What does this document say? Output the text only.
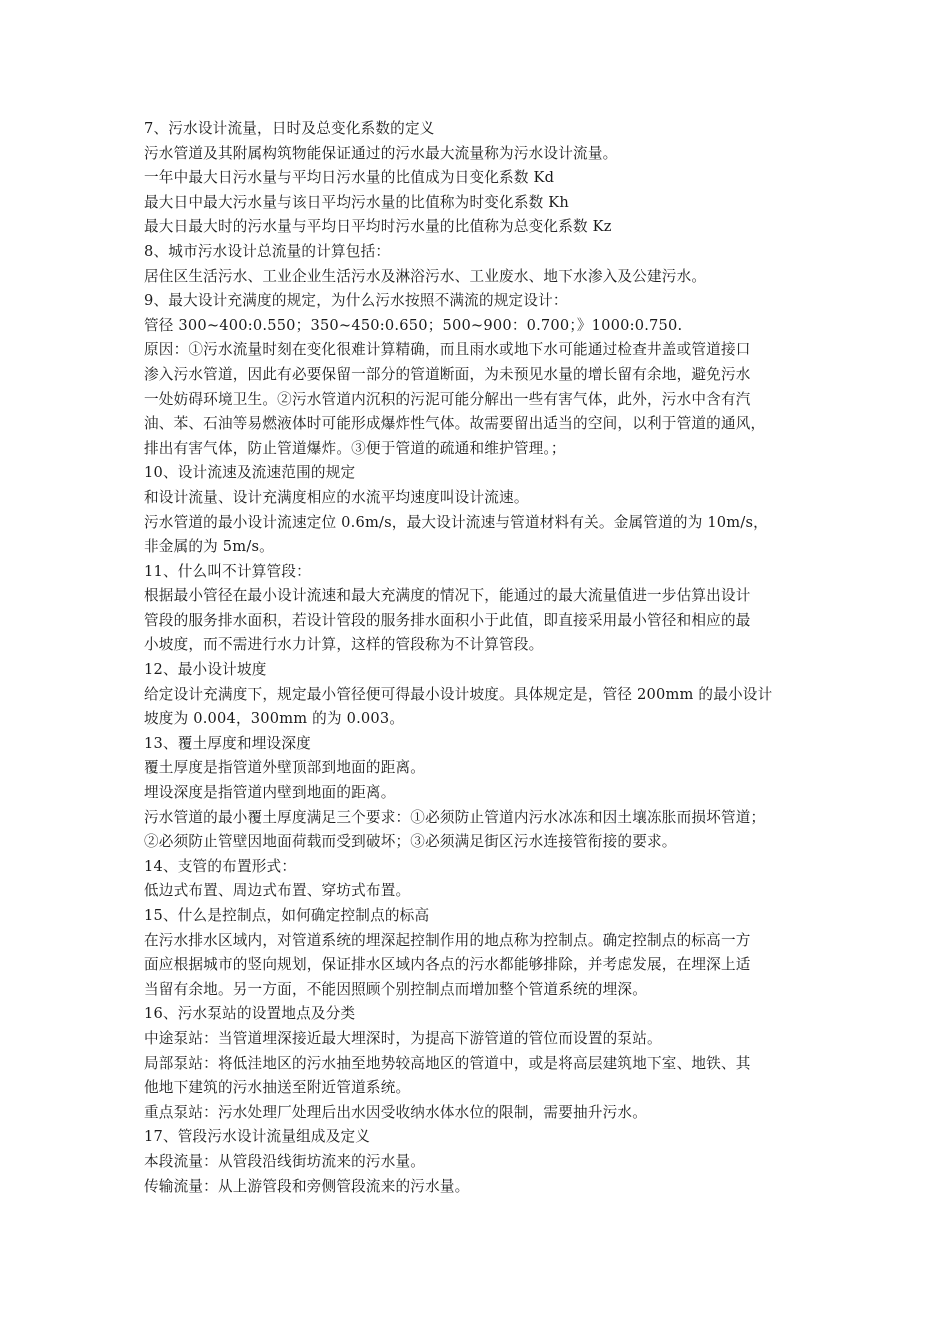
7、污水设计流量，日时及总变化系数的定义
污水管道及其附属构筑物能保证通过的污水最大流量称为污水设计流量。
一年中最大日污水量与平均日污水量的比值成为日变化系数 Kd
最大日中最大污水量与该日平均污水量的比值称为时变化系数 Kh
最大日最大时的污水量与平均日平均时污水量的比值称为总变化系数 Kz
8、城市污水设计总流量的计算包括：
居住区生活污水、工业企业生活污水及淋浴污水、工业废水、地下水渗入及公建污水。
9、最大设计充满度的规定，为什么污水按照不满流的规定设计：
管径 300~400:0.550；350~450:0.650；500~900：0.700；》1000:0.750.
原因：①污水流量时刻在变化很难计算精确，而且雨水或地下水可能通过检查井盖或管道接口
渗入污水管道，因此有必要保留一部分的管道断面，为未预见水量的增长留有余地，避免污水
一处妨碍环境卫生。②污水管道内沉积的污泥可能分解出一些有害气体，此外，污水中含有汽
油、苯、石油等易燃液体时可能形成爆炸性气体。故需要留出适当的空间，以利于管道的通风，
排出有害气体，防止管道爆炸。③便于管道的疏通和维护管理。；
10、设计流速及流速范围的规定
和设计流量、设计充满度相应的水流平均速度叫设计流速。
污水管道的最小设计流速定位 0.6m/s，最大设计流速与管道材料有关。金属管道的为 10m/s，
非金属的为 5m/s。
11、什么叫不计算管段：
根据最小管径在最小设计流速和最大充满度的情况下，能通过的最大流量值进一步估算出设计
管段的服务排水面积，若设计管段的服务排水面积小于此值，即直接采用最小管径和相应的最
小坡度，而不需进行水力计算，这样的管段称为不计算管段。
12、最小设计坡度
给定设计充满度下，规定最小管径便可得最小设计坡度。具体规定是，管径 200mm 的最小设计
坡度为 0.004，300mm 的为 0.003。
13、覆土厚度和埋设深度
覆土厚度是指管道外壁顶部到地面的距离。
埋设深度是指管道内壁到地面的距离。
污水管道的最小覆土厚度满足三个要求：①必须防止管道内污水冰冻和因土壤冻胀而损坏管道；
②必须防止管壁因地面荷载而受到破坏；③必须满足街区污水连接管衔接的要求。
14、支管的布置形式：
低边式布置、周边式布置、穿坊式布置。
15、什么是控制点，如何确定控制点的标高
在污水排水区域内，对管道系统的埋深起控制作用的地点称为控制点。确定控制点的标高一方
面应根据城市的竖向规划，保证排水区域内各点的污水都能够排除，并考虑发展，在埋深上适
当留有余地。另一方面，不能因照顾个别控制点而增加整个管道系统的埋深。
16、污水泵站的设置地点及分类
中途泵站：当管道埋深接近最大埋深时，为提高下游管道的管位而设置的泵站。
局部泵站：将低洼地区的污水抽至地势较高地区的管道中，或是将高层建筑地下室、地铁、其
他地下建筑的污水抽送至附近管道系统。
重点泵站：污水处理厂处理后出水因受收纳水体水位的限制，需要抽升污水。
17、管段污水设计流量组成及定义
本段流量：从管段沿线街坊流来的污水量。
传输流量：从上游管段和旁侧管段流来的污水量。
